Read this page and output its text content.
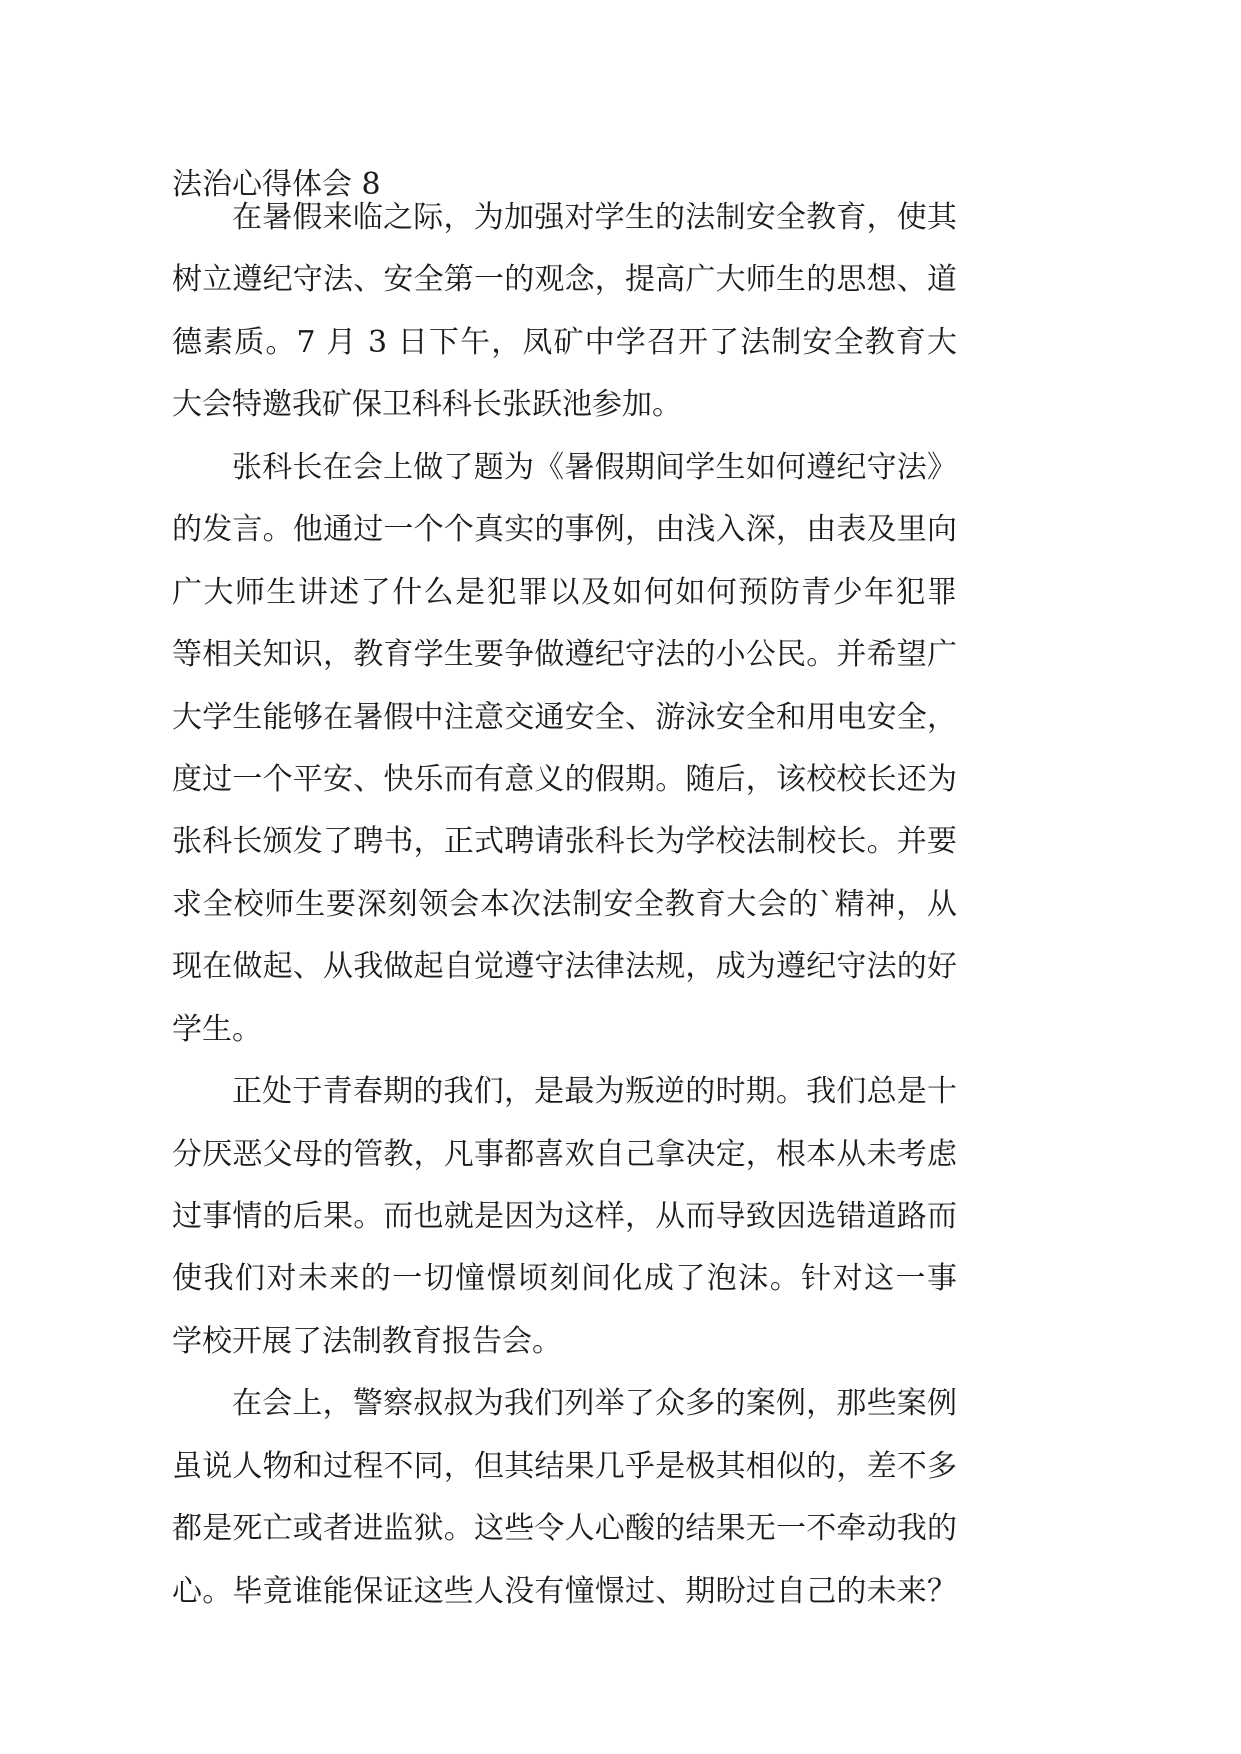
法治心得体会 8
在暑假来临之际，为加强对学生的法制安全教育，使其
树立遵纪守法、安全第一的观念，提高广大师生的思想、道
德素质。7 月 3 日下午，凤矿中学召开了法制安全教育大
大会特邀我矿保卫科科长张跃池参加。
张科长在会上做了题为《暑假期间学生如何遵纪守法》
的发言。他通过一个个真实的事例，由浅入深，由表及里向
广大师生讲述了什么是犯罪以及如何如何预防青少年犯罪
等相关知识，教育学生要争做遵纪守法的小公民。并希望广
大学生能够在暑假中注意交通安全、游泳安全和用电安全，
度过一个平安、快乐而有意义的假期。随后，该校校长还为
张科长颁发了聘书，正式聘请张科长为学校法制校长。并要
求全校师生要深刻领会本次法制安全教育大会的`精神，从
现在做起、从我做起自觉遵守法律法规，成为遵纪守法的好
学生。
正处于青春期的我们，是最为叛逆的时期。我们总是十
分厌恶父母的管教，凡事都喜欢自己拿决定，根本从未考虑
过事情的后果。而也就是因为这样，从而导致因选错道路而
使我们对未来的一切憧憬顷刻间化成了泡沫。针对这一事
学校开展了法制教育报告会。
在会上，警察叔叔为我们列举了众多的案例，那些案例
虽说人物和过程不同，但其结果几乎是极其相似的，差不多
都是死亡或者进监狱。这些令人心酸的结果无一不牵动我的
心。毕竟谁能保证这些人没有憧憬过、期盼过自己的未来？
